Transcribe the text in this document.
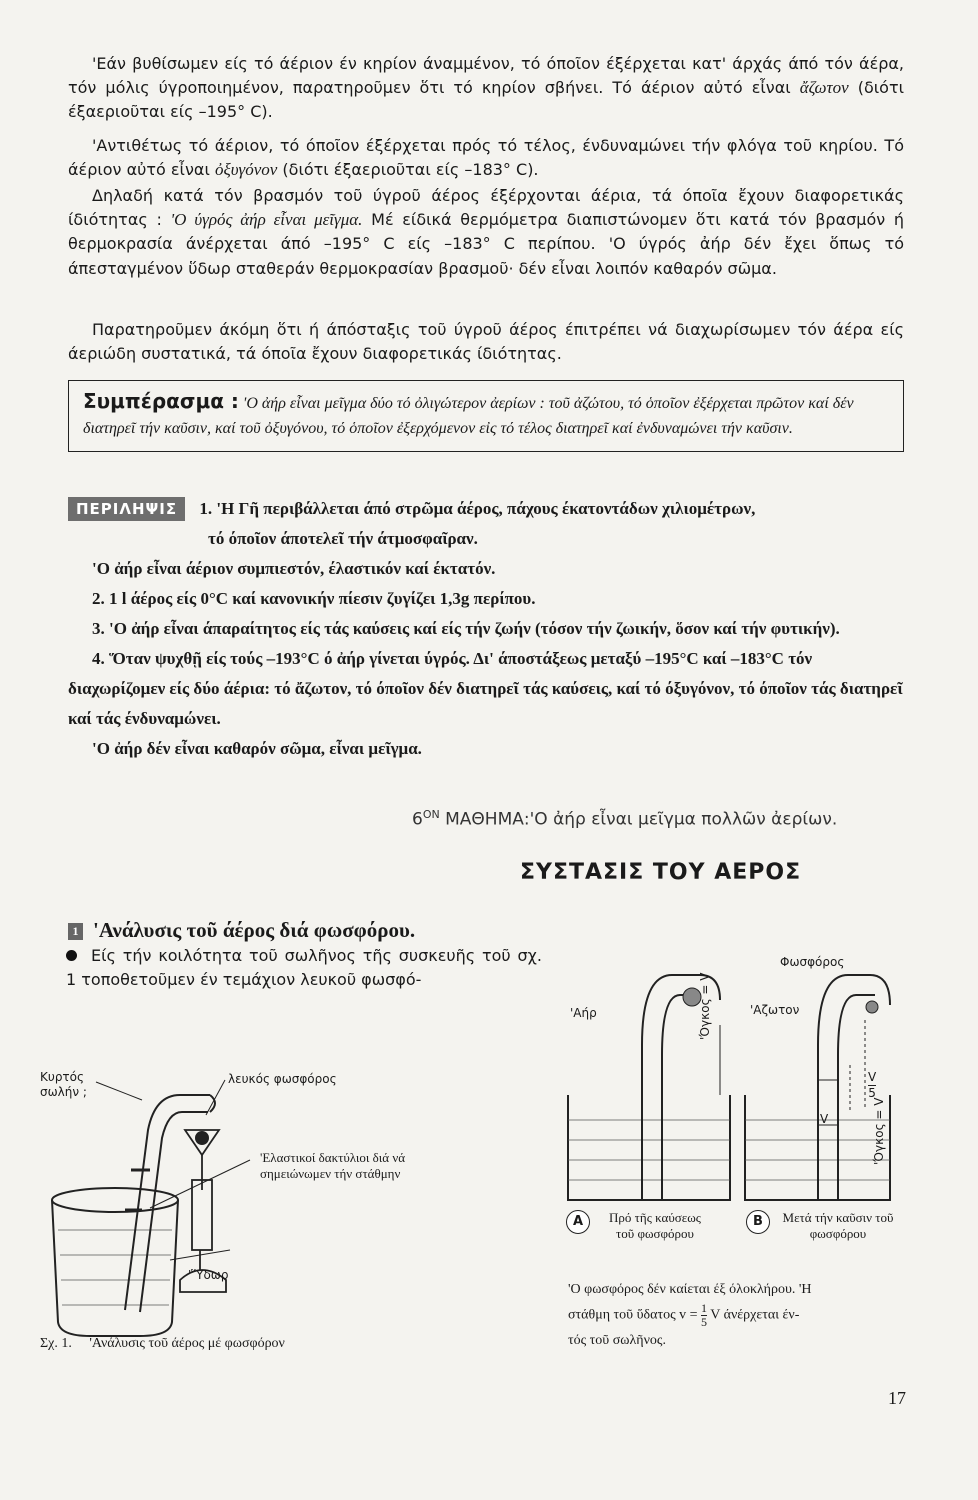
'Εάν βυθίσωμεν είς τό άέριον έν κηρίον άναμμένον, τό όποῖον έξέρχεται κατ' άρχάς άπό τόν άέρα, τόν μόλις ύγροποιημένον, παρατηροῦμεν ὅτι τό κηρίον σβήνει. Τό άέριον αὐτό εἶναι ἄζωτον (διότι έξαεριοῦται είς –195° C).
'Αντιθέτως τό άέριον, τό όποῖον έξέρχεται πρός τό τέλος, ένδυναμώνει τήν φλόγα τοῦ κηρίου. Τό άέριον αὐτό εἶναι ὀξυγόνον (διότι έξαεριοῦται είς –183° C).
Δηλαδή κατά τόν βρασμόν τοῦ ύγροῦ άέρος έξέρχονται άέρια, τά όποῖα ἔχουν διαφορετικάς ίδιότητας : 'Ο ύγρός ἀήρ εἶναι μεῖγμα. Μέ είδικά θερμόμετρα διαπιστώνομεν ὅτι κατά τόν βρασμόν ή θερμοκρασία άνέρχεται άπό –195° C είς –183° C περίπου. 'Ο ύγρός ἀήρ δέν ἔχει ὅπως τό άπεσταγμένον ὕδωρ σταθεράν θερμοκρασίαν βρασμοῦ· δέν εἶναι λοιπόν καθαρόν σῶμα.
Παρατηροῦμεν άκόμη ὅτι ή άπόσταξις τοῦ ύγροῦ άέρος έπιτρέπει νά διαχωρίσωμεν τόν άέρα είς άεριώδη συστατικά, τά όποῖα ἔχουν διαφορετικάς ίδιότητας.
Συμπέρασμα : 'Ο ἀήρ εἶναι μεῖγμα δύο τό ὀλιγώτερον ἀερίων : τοῦ ἀζώτου, τό ὁποῖον ἐξέρχεται πρῶτον καί δέν διατηρεῖ τήν καῦσιν, καί τοῦ ὀξυγόνου, τό ὁποῖον ἐξερχόμενον εἰς τό τέλος διατηρεῖ καί ἐνδυναμώνει τήν καῦσιν.
ΠΕΡΙΛΗΨΙΣ 1. 'Η Γῆ περιβάλλεται άπό στρῶμα άέρος, πάχους έκατοντάδων χιλιομέτρων,
τό όποῖον άποτελεῖ τήν άτμοσφαῖραν.
'Ο ἀήρ εἶναι άέριον συμπιεστόν, έλαστικόν καί έκτατόν.
2. 1 l άέρος είς 0°C καί κανονικήν πίεσιν ζυγίζει 1,3g περίπου.
3. 'Ο ἀήρ εἶναι άπαραίτητος είς τάς καύσεις καί είς τήν ζωήν (τόσον τήν ζωικήν, ὅσον καί τήν φυτικήν).
4. Ὅταν ψυχθῇ είς τούς –193°C ό ἀήρ γίνεται ύγρός. Δι' άποστάξεως μεταξύ –195°C καί –183°C τόν διαχωρίζομεν είς δύο άέρια: τό ἄζωτον, τό όποῖον δέν διατηρεῖ τάς καύσεις, καί τό όξυγόνον, τό όποῖον τάς διατηρεῖ καί τάς ένδυναμώνει.
'Ο ἀήρ δέν εἶναι καθαρόν σῶμα, εἶναι μεῖγμα.
$6^{ON}$ ΜΑΘΗΜΑ:'Ο ἀήρ εἶναι μεῖγμα πολλῶν ἀερίων.
ΣΥΣΤΑΣΙΣ ΤΟΥ ΑΕΡΟΣ
1 'Ανάλυσις τοῦ άέρος διά φωσφόρου.
Είς τήν κοιλότητα τοῦ σωλῆνος τῆς συσκευῆς τοῦ σχ. 1 τοποθετοῦμεν έν τεμάχιον λευκοῦ φωσφό-
Κυρτός σωλήν ;
λευκός φωσφόρος
'Ελαστικοί δακτύλιοι διά νά σημειώνωμεν τήν στάθμην
'Ὕδωρ
Σχ. 1. 'Ανάλυσις τοῦ άέρος μέ φωσφόρον
Φωσφόρος
'Αήρ	'Αζωτον
'Όγκος = V
$\frac{V}{5}$
'Όγκος = V
V
A	Πρό τῆς καύσεως τοῦ φωσφόρου
B	Μετά τήν καῦσιν τοῦ φωσφόρου
'Ο φωσφόρος δέν καίεται έξ όλοκλήρου. 'Η
στάθμη τοῦ ὕδατος $v = \frac{1}{5}$ V άνέρχεται έν-
τός τοῦ σωλῆνος.
17
